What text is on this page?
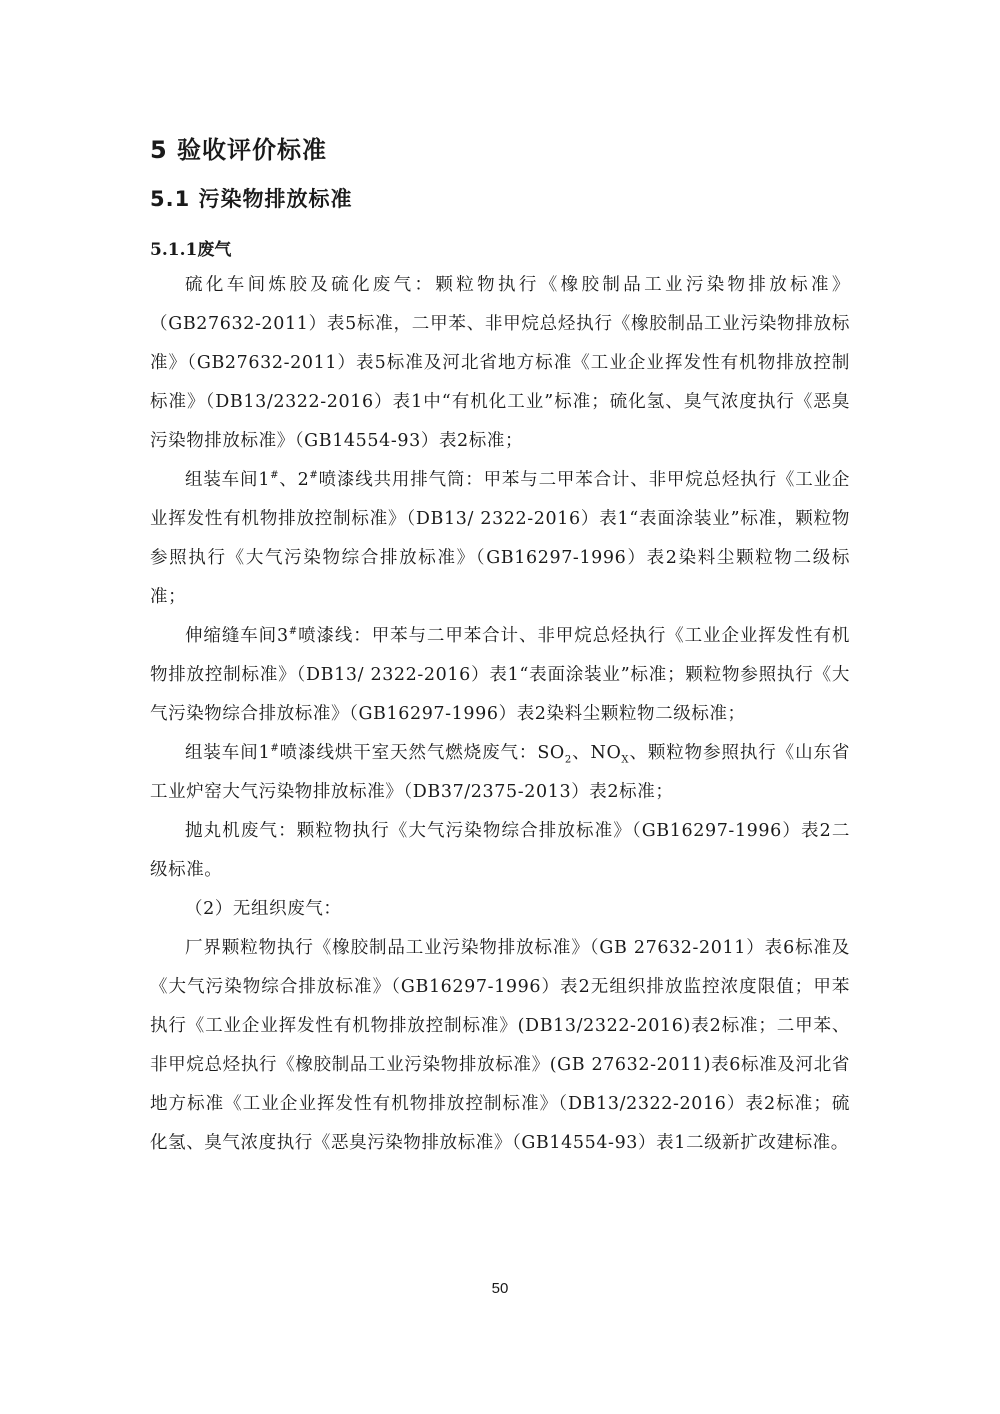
5 验收评价标准
5.1 污染物排放标准
5.1.1废气

硫化车间炼胶及硫化废气：颗粒物执行《橡胶制品工业污染物排放标准》（GB27632-2011）表5标准，二甲苯、非甲烷总烃执行《橡胶制品工业污染物排放标准》（GB27632-2011）表5标准及河北省地方标准《工业企业挥发性有机物排放控制标准》（DB13/2322-2016）表1中“有机化工业”标准；硫化氢、臭气浓度执行《恶臭污染物排放标准》（GB14554-93）表2标准；

组装车间1#、2#喷漆线共用排气筒：甲苯与二甲苯合计、非甲烷总烃执行《工业企业挥发性有机物排放控制标准》（DB13/ 2322-2016）表1“表面涂装业”标准，颗粒物参照执行《大气污染物综合排放标准》（GB16297-1996）表2染料尘颗粒物二级标准；

伸缩缝车间3#喷漆线：甲苯与二甲苯合计、非甲烷总烃执行《工业企业挥发性有机物排放控制标准》（DB13/ 2322-2016）表1“表面涂装业”标准；颗粒物参照执行《大气污染物综合排放标准》（GB16297-1996）表2染料尘颗粒物二级标准；

组装车间1#喷漆线烘干室天然气燃烧废气：$SO_2$、$NO_X$、颗粒物参照执行《山东省工业炉窑大气污染物排放标准》（DB37/2375-2013）表2标准；

抛丸机废气：颗粒物执行《大气污染物综合排放标准》（GB16297-1996）表2二级标准。

（2）无组织废气：

厂界颗粒物执行《橡胶制品工业污染物排放标准》（GB 27632-2011）表6标准及《大气污染物综合排放标准》（GB16297-1996）表2无组织排放监控浓度限值；甲苯执行《工业企业挥发性有机物排放控制标准》(DB13/2322-2016)表2标准；二甲苯、非甲烷总烃执行《橡胶制品工业污染物排放标准》(GB 27632-2011)表6标准及河北省地方标准《工业企业挥发性有机物排放控制标准》（DB13/2322-2016）表2标准；硫化氢、臭气浓度执行《恶臭污染物排放标准》（GB14554-93）表1二级新扩改建标准。

50
